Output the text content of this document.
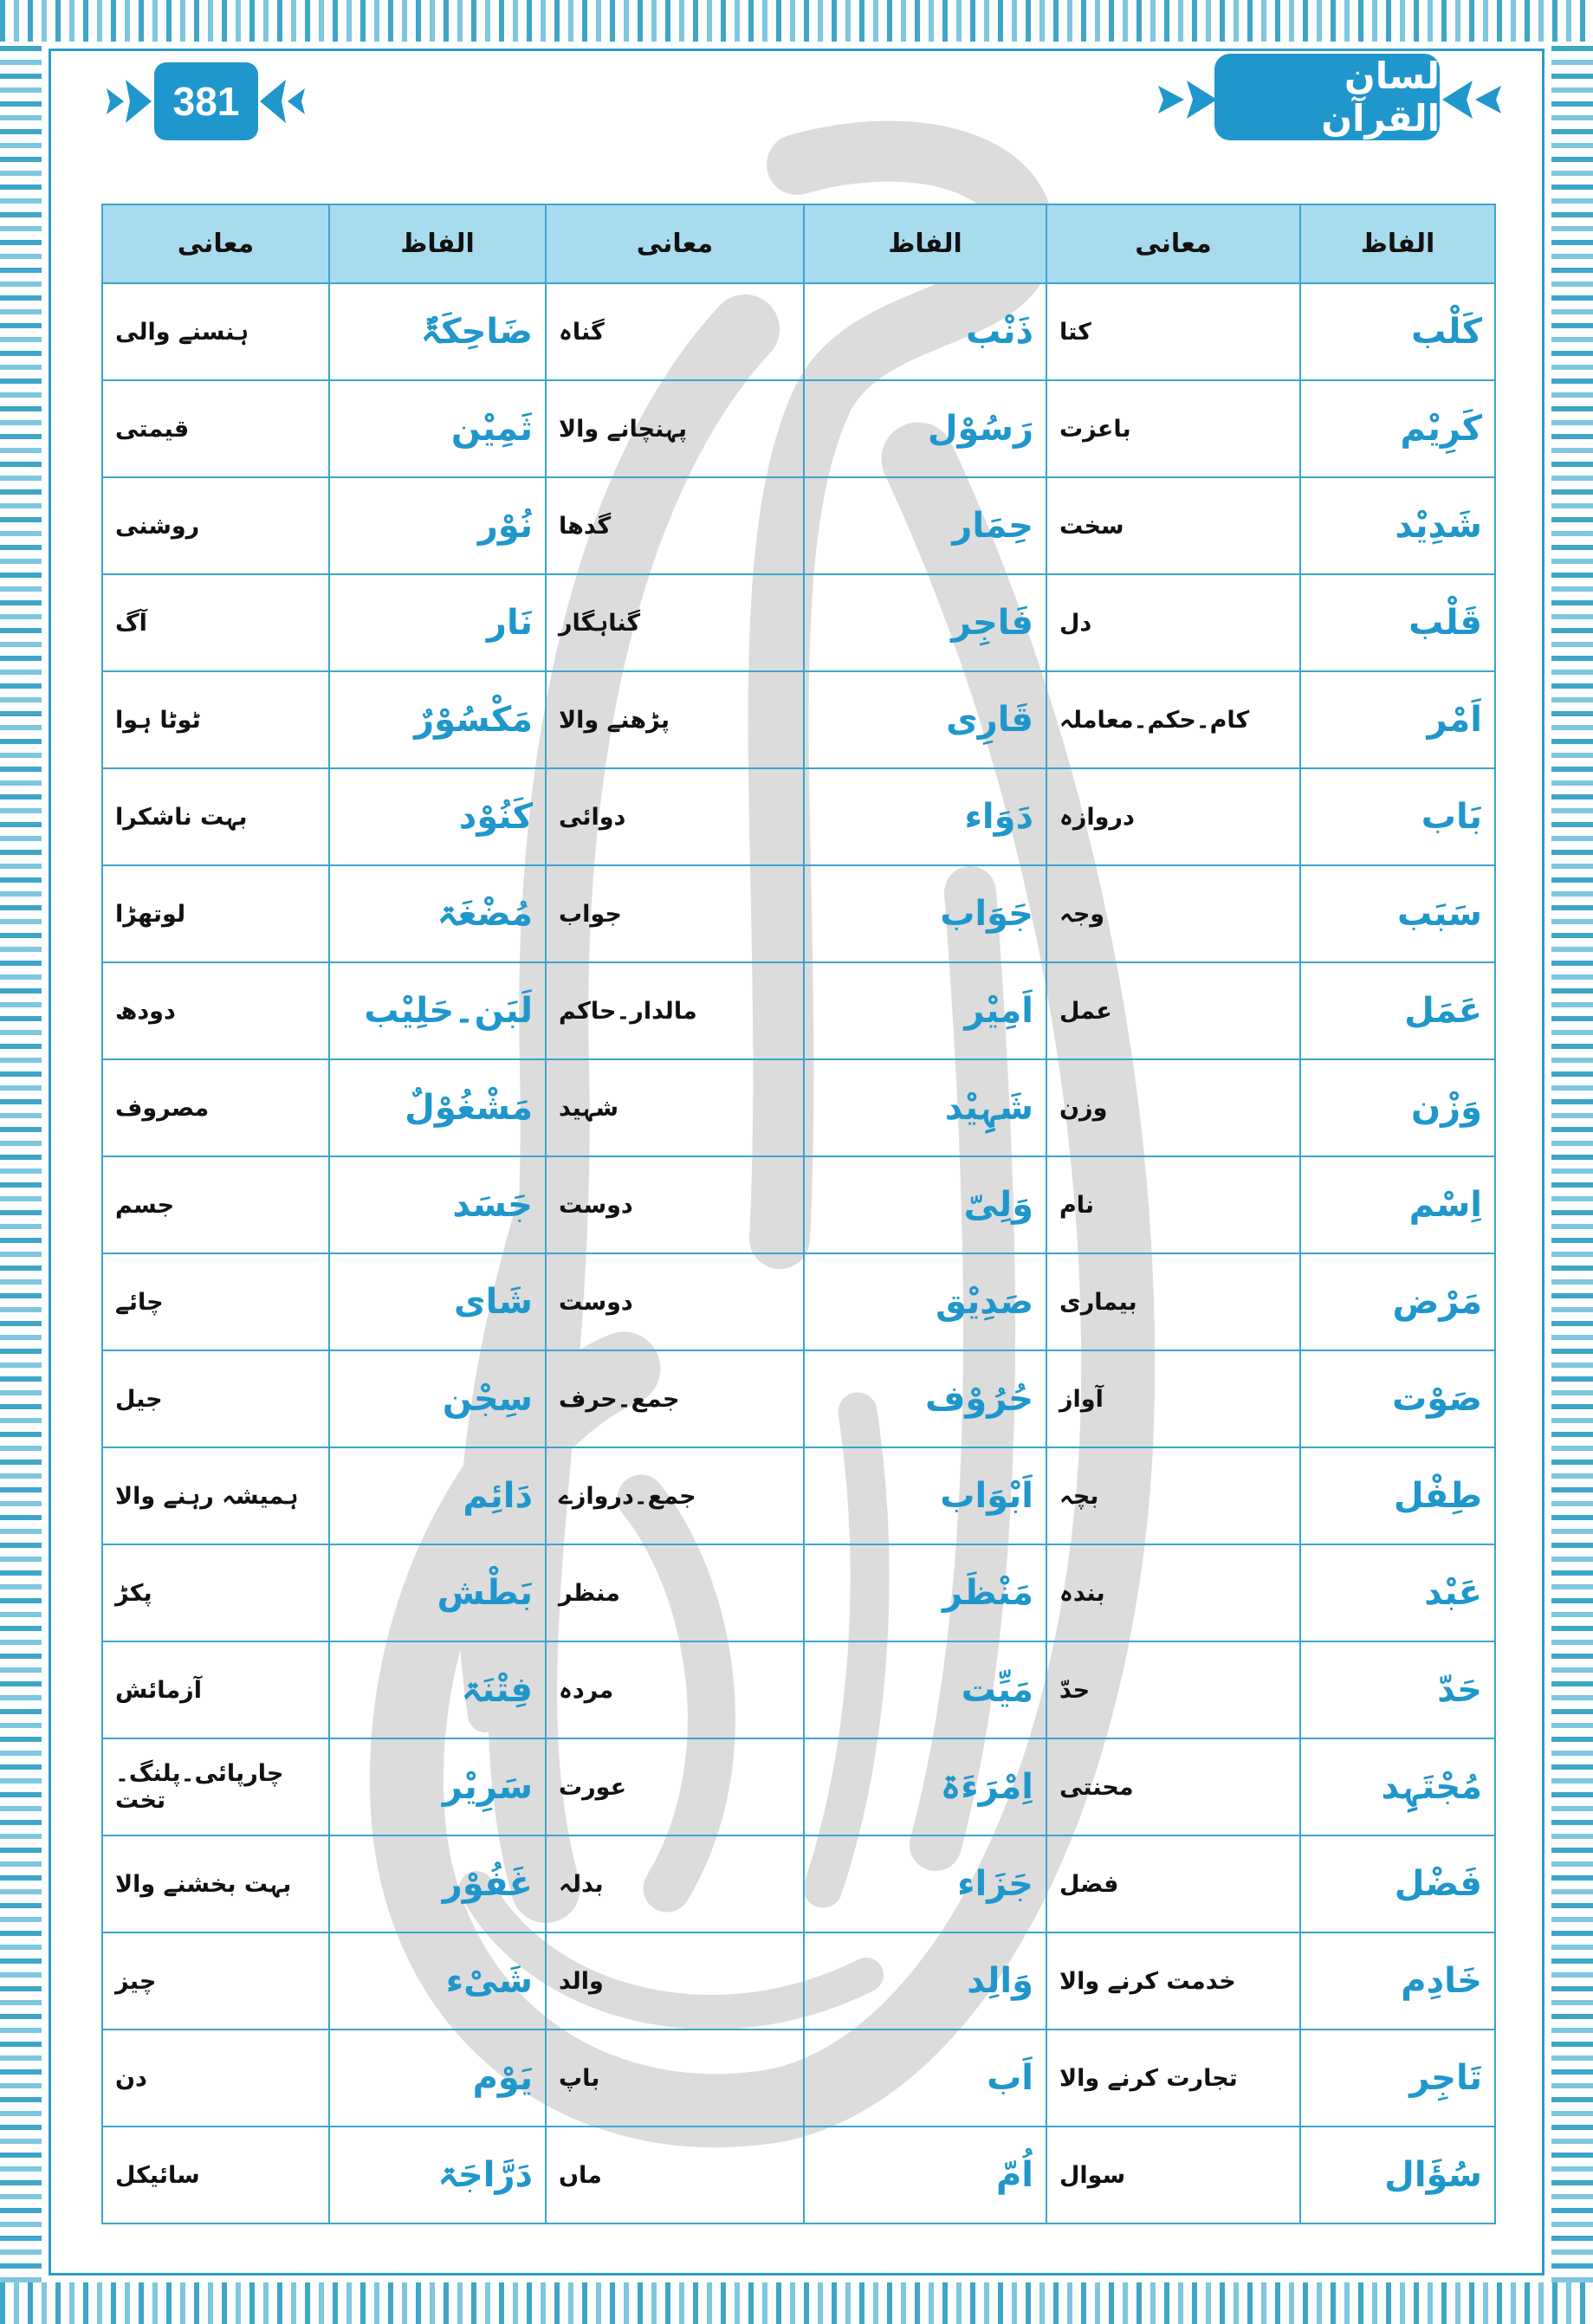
381
لسان القرآن
الفاظ	معانی	الفاظ	معانی	الفاظ	معانی
کَلْب	کتا	ذَنْب	گناہ	ضَاحِکَۃٌ	ہنسنے والی
کَرِیْم	باعزت	رَسُوْل	پہنچانے والا	ثَمِیْن	قیمتی
شَدِیْد	سخت	حِمَار	گدھا	نُوْر	روشنی
قَلْب	دل	فَاجِر	گناہگار	نَار	آگ
اَمْر	کام۔حکم۔معاملہ	قَارِی	پڑھنے والا	مَکْسُوْرٌ	ٹوٹا ہوا
بَاب	دروازہ	دَوَاء	دوائی	کَنُوْد	بہت ناشکرا
سَبَب	وجہ	جَوَاب	جواب	مُضْغَۃ	لوتھڑا
عَمَل	عمل	اَمِیْر	مالدار۔حاکم	لَبَن۔حَلِیْب	دودھ
وَزْن	وزن	شَہِیْد	شہید	مَشْغُوْلٌ	مصروف
اِسْم	نام	وَلِیّ	دوست	جَسَد	جسم
مَرْض	بیماری	صَدِیْق	دوست	شَای	چائے
صَوْت	آواز	حُرُوْف	جمع۔حرف	سِجْن	جیل
طِفْل	بچہ	اَبْوَاب	جمع۔دروازے	دَائِم	ہمیشہ رہنے والا
عَبْد	بندہ	مَنْظَر	منظر	بَطْش	پکڑ
حَدّ	حدّ	مَیِّت	مردہ	فِتْنَۃ	آزمائش
مُجْتَہِد	محنتی	اِمْرَءَۃ	عورت	سَرِیْر	چارپائی۔پلنگ۔تخت
فَضْل	فضل	جَزَاء	بدلہ	غَفُوْر	بہت بخشنے والا
خَادِم	خدمت کرنے والا	وَالِد	والد	شَیْء	چیز
تَاجِر	تجارت کرنے والا	اَب	باپ	یَوْم	دن
سُؤَال	سوال	اُمّ	ماں	دَرَّاجَۃ	سائیکل
